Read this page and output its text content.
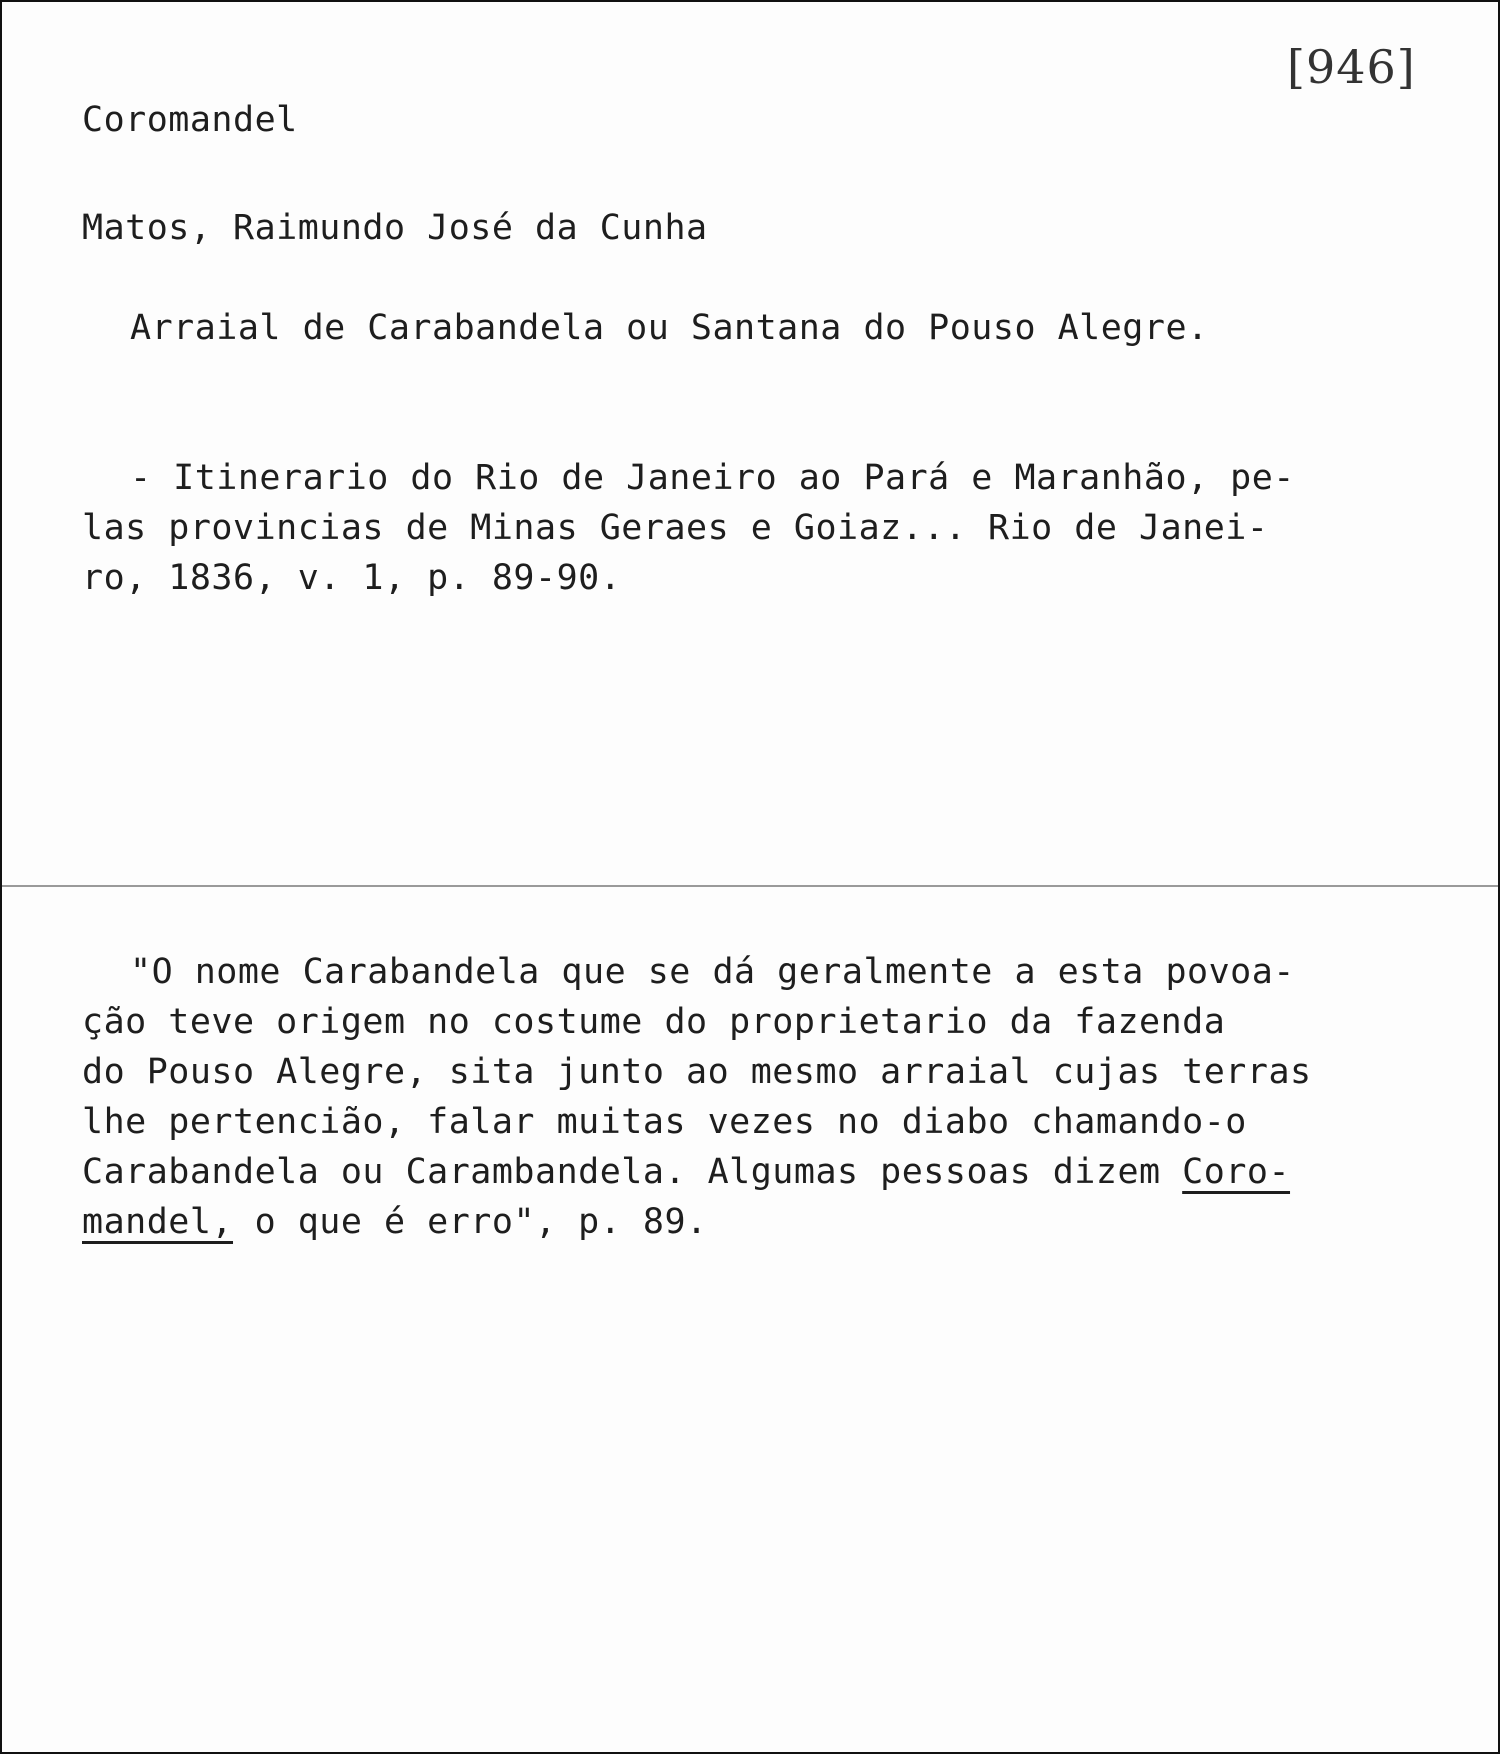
[946]
Coromandel
Matos, Raimundo José da Cunha
Arraial de Carabandela ou Santana do Pouso Alegre.
- Itinerario do Rio de Janeiro ao Pará e Maranhão, pe-
las provincias de Minas Geraes e Goiaz... Rio de Janei-
ro, 1836, v. 1, p. 89-90.
"O nome Carabandela que se dá geralmente a esta povoa-
ção teve origem no costume do proprietario da fazenda
do Pouso Alegre, sita junto ao mesmo arraial cujas terras
lhe pertencião, falar muitas vezes no diabo chamando-o
Carabandela ou Carambandela. Algumas pessoas dizem Coro-
mandel, o que é erro", p. 89.
